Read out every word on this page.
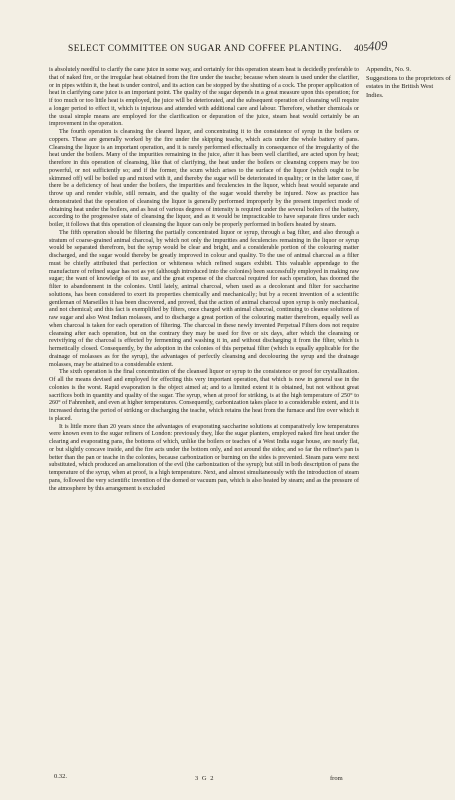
SELECT COMMITTEE ON SUGAR AND COFFEE PLANTING.	405 409
Appendix, No. 9.
Suggestions to the proprietors of estates in the British West Indies.

is absolutely needful to clarify the cane juice in some way, and certainly for this operation steam heat is decidedly preferable to that of naked fire, or the irregular heat obtained from the fire under the teache; because when steam is used under the clarifier, or in pipes within it, the heat is under control, and its action can be stopped by the shutting of a cock. The proper application of heat in clarifying cane juice is an important point. The quality of the sugar depends in a great measure upon this operation; for if too much or too little heat is employed, the juice will be deteriorated, and the subsequent operation of cleansing will require a longer period to effect it, which is injurious and attended with additional care and labour. Therefore, whether chemicals or the usual simple means are employed for the clarification or depuration of the juice, steam heat would certainly be an improvement in the operation.

The fourth operation is cleansing the cleared liquor, and concentrating it to the consistence of syrup in the boilers or coppers. These are generally worked by the fire under the skipping teache, which acts under the whole battery of pans. Cleansing the liquor is an important operation, and it is rarely performed effectually in consequence of the irregularity of the heat under the boilers. Many of the impurities remaining in the juice, after it has been well clarified, are acted upon by heat; therefore in this operation of cleansing, like that of clarifying, the heat under the boilers or cleansing coppers may be too powerful, or not sufficiently so; and if the former, the scum which arises to the surface of the liquor (which ought to be skimmed off) will be boiled up and mixed with it, and thereby the sugar will be deteriorated in quality; or in the latter case, if there be a deficiency of heat under the boilers, the impurities and feculencies in the liquor, which heat would separate and throw up and render visible, still remain, and the quality of the sugar would thereby be injured. Now as practice has demonstrated that the operation of cleansing the liquor is generally performed improperly by the present imperfect mode of obtaining heat under the boilers, and as heat of various degrees of intensity is required under the several boilers of the battery, according to the progressive state of cleansing the liquor, and as it would be impracticable to have separate fires under each boiler, it follows that this operation of cleansing the liquor can only be properly performed in boilers heated by steam.

The fifth operation should be filtering the partially concentrated liquor or syrup, through a bag filter, and also through a stratum of coarse-grained animal charcoal, by which not only the impurities and feculencies remaining in the liquor or syrup would be separated therefrom, but the syrup would be clear and bright, and a considerable portion of the colouring matter discharged, and the sugar would thereby be greatly improved in colour and quality. To the use of animal charcoal as a filter must be chiefly attributed that perfection or whiteness which refined sugars exhibit. This valuable appendage to the manufacture of refined sugar has not as yet (although introduced into the colonies) been successfully employed in making raw sugar; the want of knowledge of its use, and the great expense of the charcoal required for each operation, has doomed the filter to abandonment in the colonies. Until lately, animal charcoal, when used as a decolorant and filter for saccharine solutions, has been considered to exert its properties chemically and mechanically; but by a recent invention of a scientific gentleman of Marseilles it has been discovered, and proved, that the action of animal charcoal upon syrup is only mechanical, and not chemical; and this fact is exemplified by filters, once charged with animal charcoal, continuing to cleanse solutions of raw sugar and also West Indian molasses, and to discharge a great portion of the colouring matter therefrom, equally well as when charcoal is taken for each operation of filtering. The charcoal in these newly invented Perpetual Filters does not require cleansing after each operation, but on the contrary they may be used for five or six days, after which the cleansing or revivifying of the charcoal is effected by fermenting and washing it in, and without discharging it from the filter, which is hermetically closed. Consequently, by the adoption in the colonies of this perpetual filter (which is equally applicable for the drainage of molasses as for the syrup), the advantages of perfectly cleansing and decolouring the syrup and the drainage molasses, may be attained to a considerable extent.

The sixth operation is the final concentration of the cleansed liquor or syrup to the consistence or proof for crystallization. Of all the means devised and employed for effecting this very important operation, that which is now in general use in the colonies is the worst. Rapid evaporation is the object aimed at; and to a limited extent it is obtained, but not without great sacrifices both in quantity and quality of the sugar. The syrup, when at proof for striking, is at the high temperature of 250° to 260° of Fahrenheit, and even at higher temperatures. Consequently, carbonization takes place to a considerable extent, and it is increased during the period of striking or discharging the teache, which retains the heat from the furnace and fire over which it is placed.

It is little more than 20 years since the advantages of evaporating saccharine solutions at comparatively low temperatures were known even to the sugar refiners of London: previously they, like the sugar planters, employed naked fire heat under the clearing and evaporating pans, the bottoms of which, unlike the boilers or teaches of a West India sugar house, are nearly flat, or but slightly concave inside, and the fire acts under the bottom only, and not around the sides; and so far the refiner's pan is better than the pan or teache in the colonies, because carbonization or burning on the sides is prevented. Steam pans were next substituted, which produced an amelioration of the evil (the carbonization of the syrup); but still in both description of pans the temperature of the syrup, when at proof, is a high temperature. Next, and almost simultaneously with the introduction of steam pans, followed the very scientific invention of the domed or vacuum pan, which is also heated by steam; and as the pressure of the atmosphere by this arrangement is excluded

0.32.	3 G 2	from
